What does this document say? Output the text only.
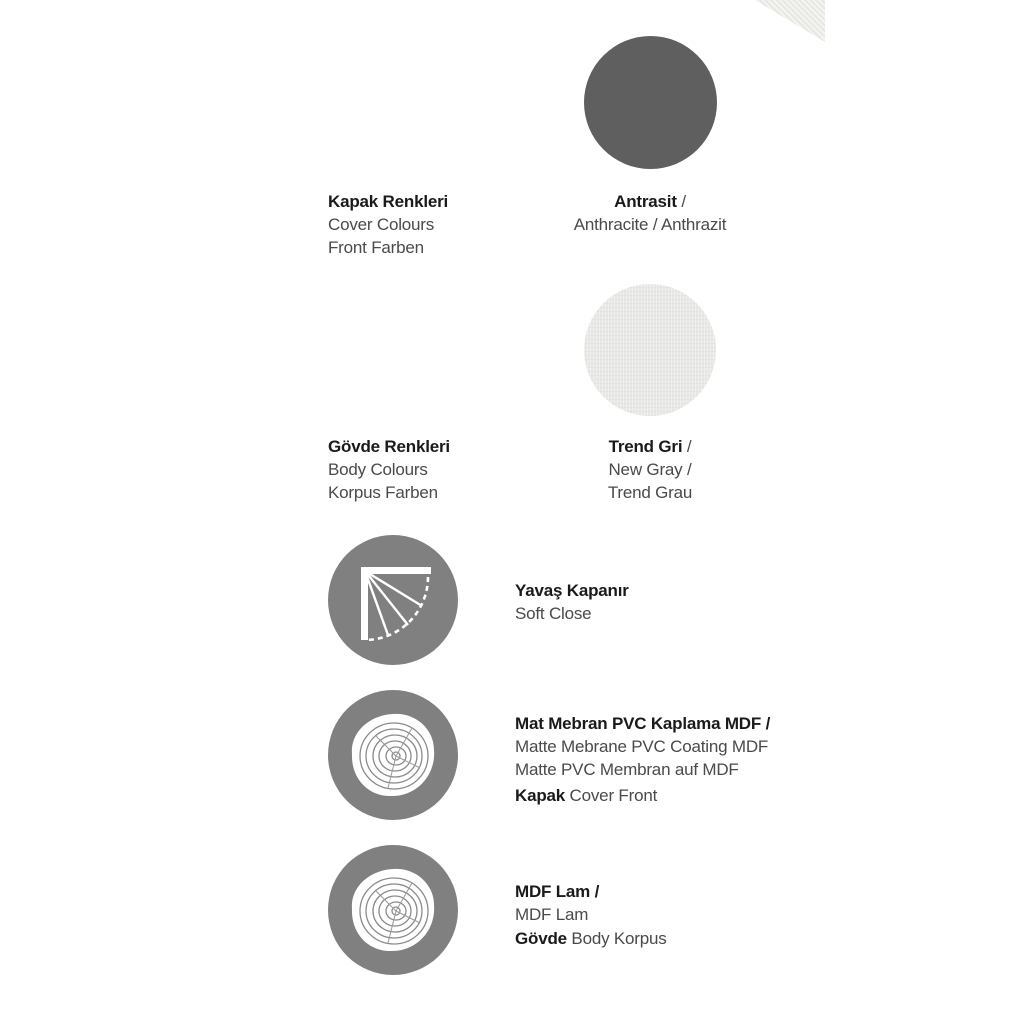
Kapak Renkleri
Cover Colours
Front Farben
Antrasit /
Anthracite / Anthrazit
Gövde Renkleri
Body Colours
Korpus Farben
Trend Gri /
New Gray /
Trend Grau
Yavaş Kapanır
Soft Close
Mat Mebran PVC Kaplama MDF /
Matte Mebrane PVC Coating MDF
Matte PVC Membran auf MDF
Kapak Cover Front
MDF Lam /
MDF Lam
Gövde Body Korpus
